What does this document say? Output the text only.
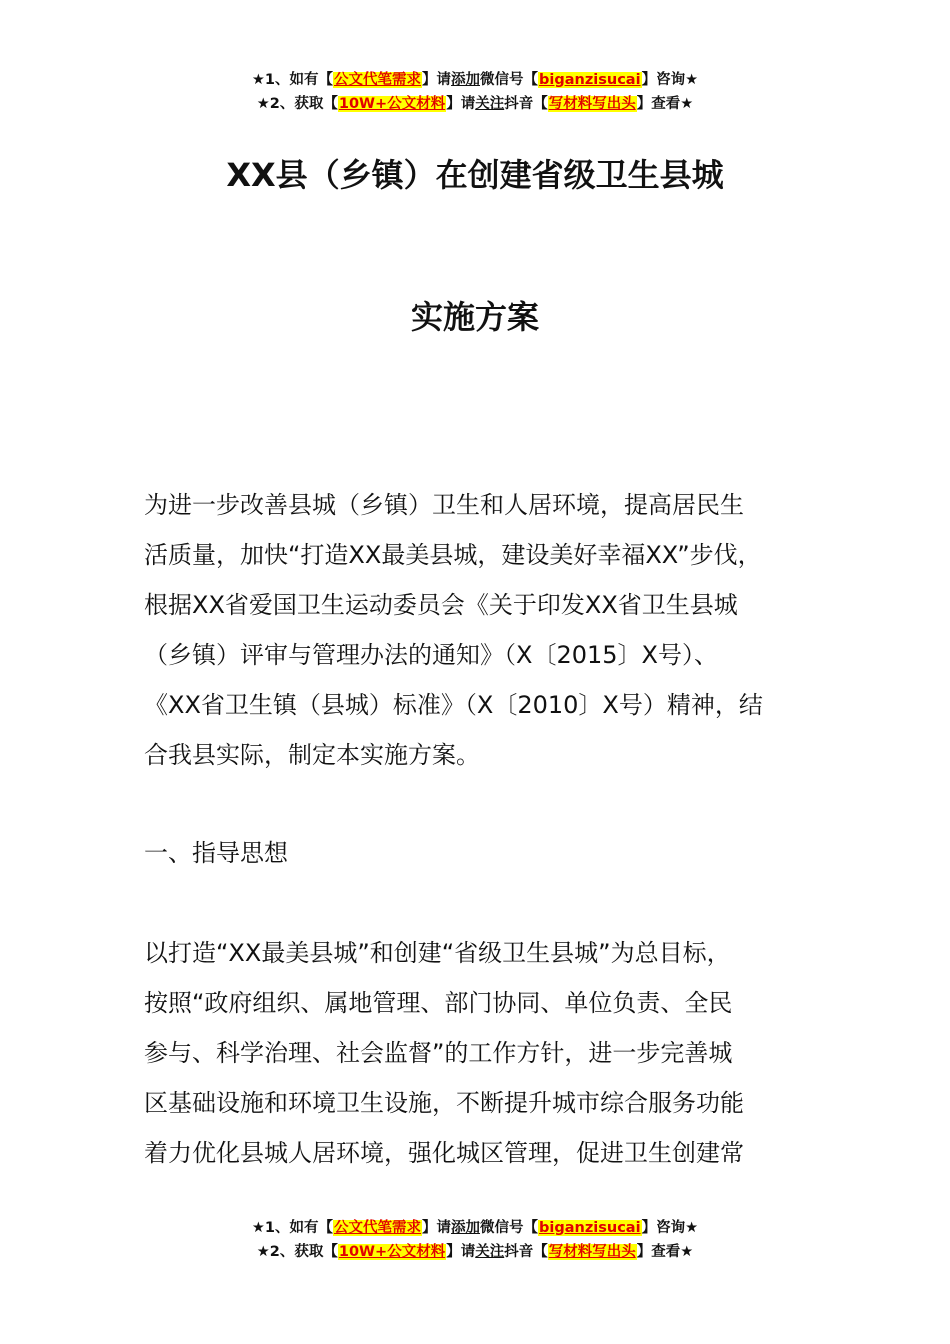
★1、如有【公文代笔需求】请添加微信号【biganzisucai】咨询★
★2、获取【10W+公文材料】请关注抖音【写材料写出头】查看★
XX县（乡镇）在创建省级卫生县城
实施方案

为进一步改善县城（乡镇）卫生和人居环境，提高居民生
活质量，加快“打造XX最美县城，建设美好幸福XX”步伐，
根据XX省爱国卫生运动委员会《关于印发XX省卫生县城
（乡镇）评审与管理办法的通知》（X〔2015〕X号）、
《XX省卫生镇（县城）标准》（X〔2010〕X号）精神，结
合我县实际，制定本实施方案。

一、指导思想

以打造“XX最美县城”和创建“省级卫生县城”为总目标，
按照“政府组织、属地管理、部门协同、单位负责、全民
参与、科学治理、社会监督”的工作方针，进一步完善城
区基础设施和环境卫生设施，不断提升城市综合服务功能
着力优化县城人居环境，强化城区管理，促进卫生创建常

★1、如有【公文代笔需求】请添加微信号【biganzisucai】咨询★
★2、获取【10W+公文材料】请关注抖音【写材料写出头】查看★
